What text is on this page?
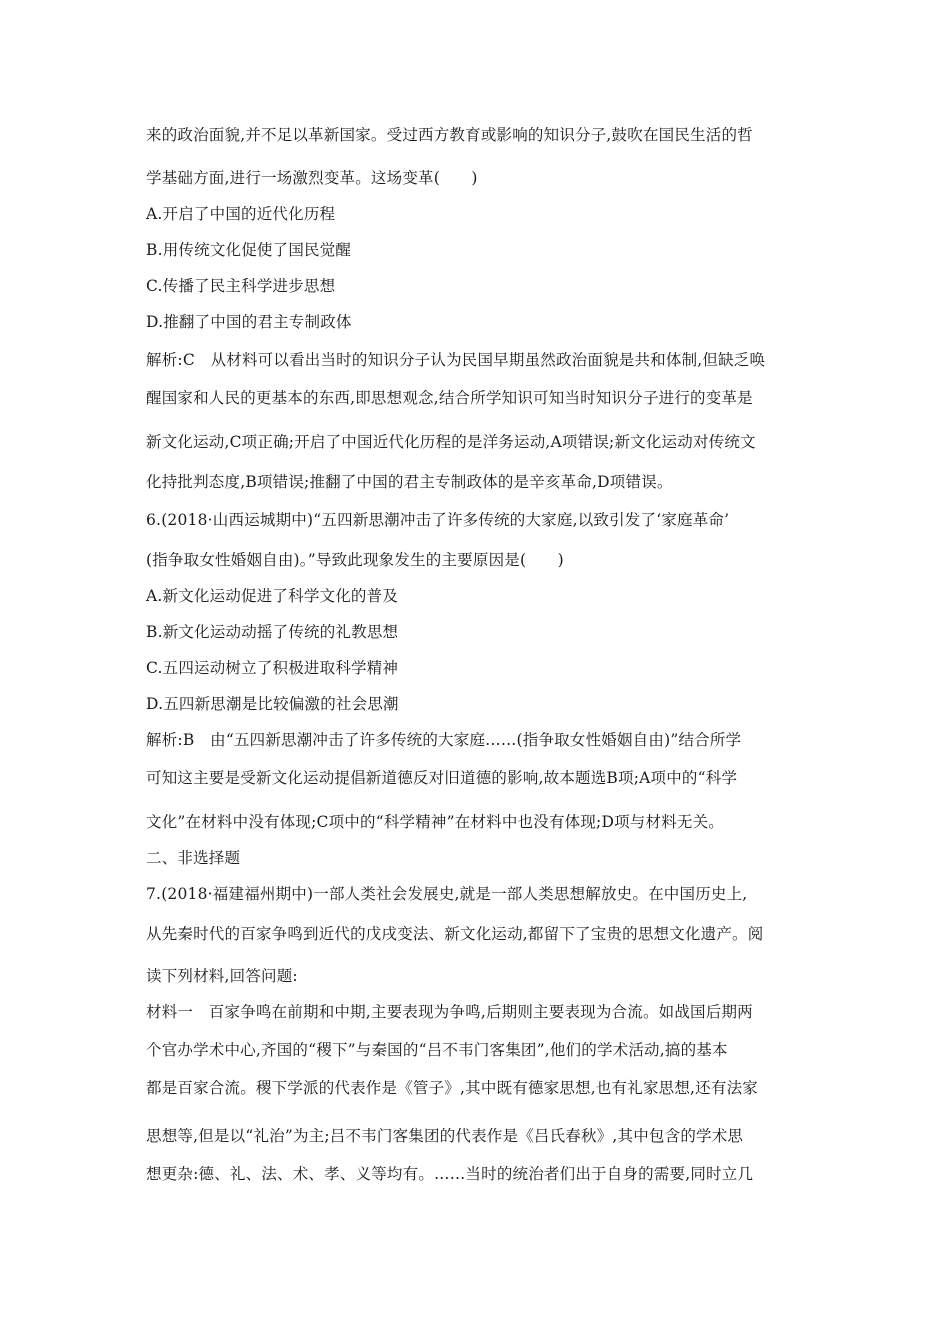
来的政治面貌,并不足以革新国家。受过西方教育或影响的知识分子,鼓吹在国民生活的哲
学基础方面,进行一场激烈变革。这场变革(　　)
A.开启了中国的近代化历程
B.用传统文化促使了国民觉醒
C.传播了民主科学进步思想
D.推翻了中国的君主专制政体
解析:C　从材料可以看出当时的知识分子认为民国早期虽然政治面貌是共和体制,但缺乏唤
醒国家和人民的更基本的东西,即思想观念,结合所学知识可知当时知识分子进行的变革是
新文化运动,C项正确;开启了中国近代化历程的是洋务运动,A项错误;新文化运动对传统文
化持批判态度,B项错误;推翻了中国的君主专制政体的是辛亥革命,D项错误。
6.(2018·山西运城期中)“五四新思潮冲击了许多传统的大家庭,以致引发了‘家庭革命’
(指争取女性婚姻自由)。”导致此现象发生的主要原因是(　　)
A.新文化运动促进了科学文化的普及
B.新文化运动动摇了传统的礼教思想
C.五四运动树立了积极进取科学精神
D.五四新思潮是比较偏激的社会思潮
解析:B　由“五四新思潮冲击了许多传统的大家庭……(指争取女性婚姻自由)”结合所学
可知这主要是受新文化运动提倡新道德反对旧道德的影响,故本题选B项;A项中的“科学
文化”在材料中没有体现;C项中的“科学精神”在材料中也没有体现;D项与材料无关。
二、非选择题
7.(2018·福建福州期中)一部人类社会发展史,就是一部人类思想解放史。在中国历史上,
从先秦时代的百家争鸣到近代的戊戌变法、新文化运动,都留下了宝贵的思想文化遗产。阅
读下列材料,回答问题:
材料一　百家争鸣在前期和中期,主要表现为争鸣,后期则主要表现为合流。如战国后期两
个官办学术中心,齐国的“稷下”与秦国的“吕不韦门客集团”,他们的学术活动,搞的基本
都是百家合流。稷下学派的代表作是《管子》,其中既有德家思想,也有礼家思想,还有法家
思想等,但是以“礼治”为主;吕不韦门客集团的代表作是《吕氏春秋》,其中包含的学术思
想更杂:德、礼、法、术、孝、义等均有。……当时的统治者们出于自身的需要,同时立几
